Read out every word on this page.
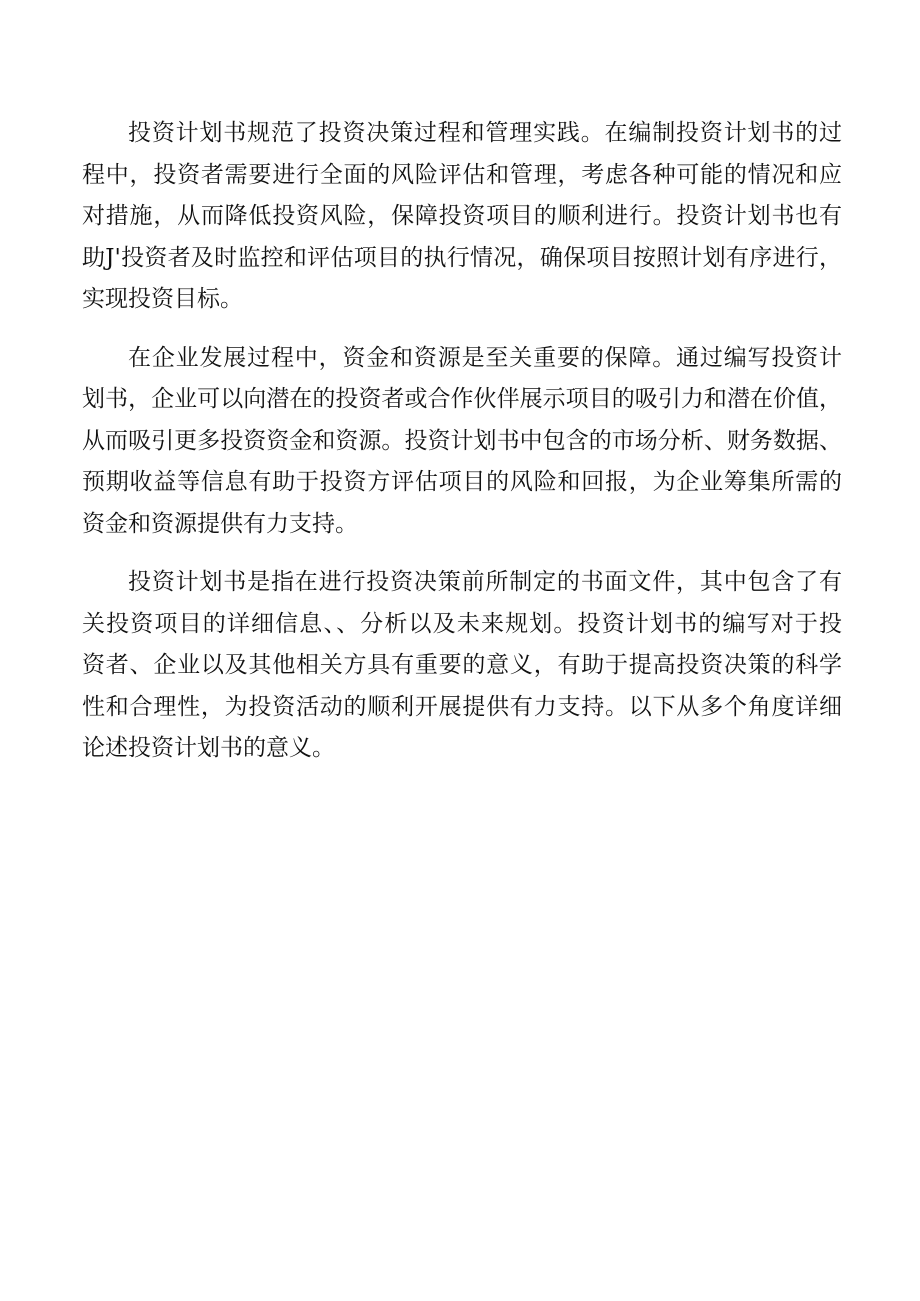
投资计划书规范了投资决策过程和管理实践。在编制投资计划书的过
程中，投资者需要进行全面的风险评估和管理，考虑各种可能的情况和应
对措施，从而降低投资风险，保障投资项目的顺利进行。投资计划书也有
助J'投资者及时监控和评估项目的执行情况，确保项目按照计划有序进行，
实现投资目标。

在企业发展过程中，资金和资源是至关重要的保障。通过编写投资计
划书，企业可以向潜在的投资者或合作伙伴展示项目的吸引力和潜在价值，
从而吸引更多投资资金和资源。投资计划书中包含的市场分析、财务数据、
预期收益等信息有助于投资方评估项目的风险和回报，为企业筹集所需的
资金和资源提供有力支持。

投资计划书是指在进行投资决策前所制定的书面文件，其中包含了有
关投资项目的详细信息、、分析以及未来规划。投资计划书的编写对于投
资者、企业以及其他相关方具有重要的意义，有助于提高投资决策的科学
性和合理性，为投资活动的顺利开展提供有力支持。以下从多个角度详细
论述投资计划书的意义。
